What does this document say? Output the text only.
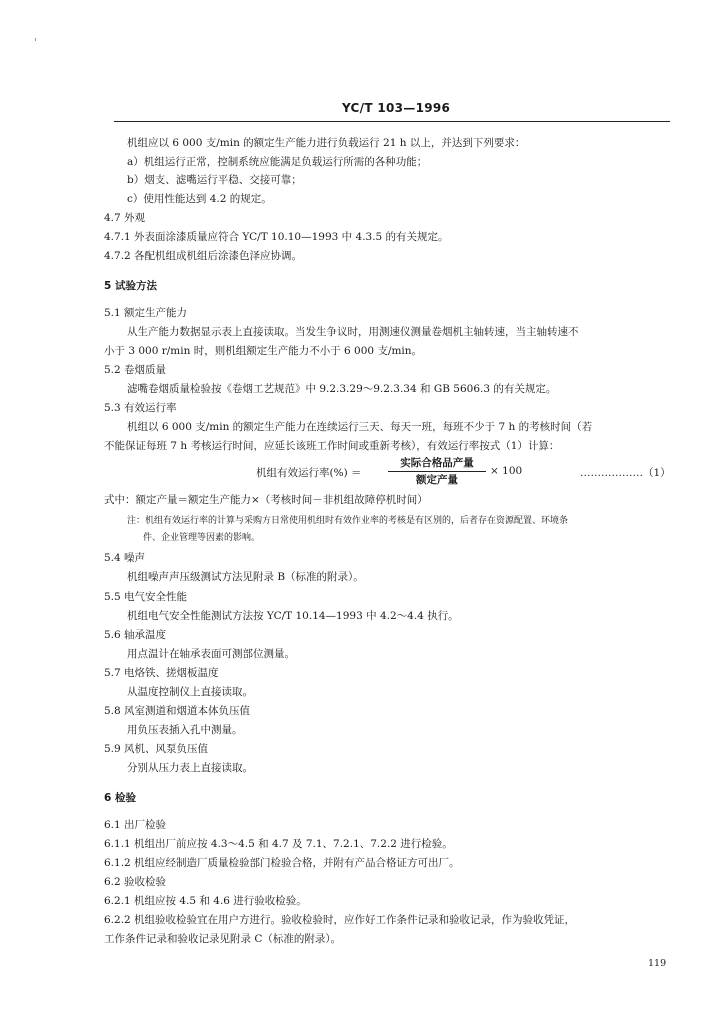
YC/T 103—1996
机组应以 6 000 支/min 的额定生产能力进行负载运行 21 h 以上，并达到下列要求：
a）机组运行正常，控制系统应能满足负载运行所需的各种功能；
b）烟支、滤嘴运行平稳、交接可靠；
c）使用性能达到 4.2 的规定。
4.7 外观
4.7.1 外表面涂漆质量应符合 YC/T 10.10—1993 中 4.3.5 的有关规定。
4.7.2 各配机组成机组后涂漆色泽应协调。
5 试验方法
5.1 额定生产能力
从生产能力数据显示表上直接读取。当发生争议时，用测速仪测量卷烟机主轴转速，当主轴转速不
小于 3 000 r/min 时，则机组额定生产能力不小于 6 000 支/min。
5.2 卷烟质量
滤嘴卷烟质量检验按《卷烟工艺规范》中 9.2.3.29～9.2.3.34 和 GB 5606.3 的有关规定。
5.3 有效运行率
机组以 6 000 支/min 的额定生产能力在连续运行三天、每天一班，每班不少于 7 h 的考核时间（若
不能保证每班 7 h 考核运行时间，应延长该班工作时间或重新考核），有效运行率按式（1）计算：
机组有效运行率(%) ＝
实际合格品产量
额定产量
× 100	………………（1）
式中：额定产量＝额定生产能力×（考核时间－非机组故障停机时间）
注：机组有效运行率的计算与采购方日常使用机组时有效作业率的考核是有区别的，后者存在资源配置、环境条
件、企业管理等因素的影响。
5.4 噪声
机组噪声声压级测试方法见附录 B（标准的附录）。
5.5 电气安全性能
机组电气安全性能测试方法按 YC/T 10.14—1993 中 4.2～4.4 执行。
5.6 轴承温度
用点温计在轴承表面可测部位测量。
5.7 电烙铁、搓烟板温度
从温度控制仪上直接读取。
5.8 风室测道和烟道本体负压值
用负压表插入孔中测量。
5.9 风机、风泵负压值
分别从压力表上直接读取。
6 检验
6.1 出厂检验
6.1.1 机组出厂前应按 4.3～4.5 和 4.7 及 7.1、7.2.1、7.2.2 进行检验。
6.1.2 机组应经制造厂质量检验部门检验合格，并附有产品合格证方可出厂。
6.2 验收检验
6.2.1 机组应按 4.5 和 4.6 进行验收检验。
6.2.2 机组验收检验宜在用户方进行。验收检验时，应作好工作条件记录和验收记录，作为验收凭证，
工作条件记录和验收记录见附录 C（标准的附录）。
119
